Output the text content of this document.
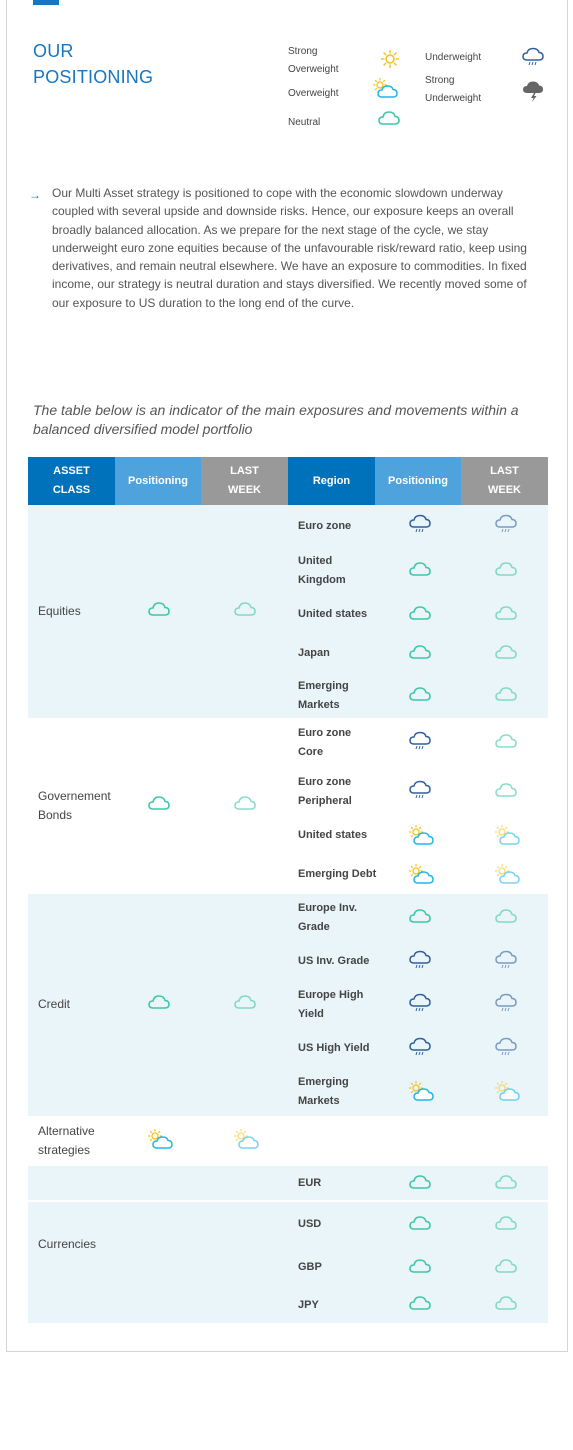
OUR
POSITIONING
Strong
Overweight
Overweight
Neutral
Underweight
Strong
Underweight
→ Our Multi Asset strategy is positioned to cope with the economic slowdown underway coupled with several upside and downside risks. Hence, our exposure keeps an overall broadly balanced allocation. As we prepare for the next stage of the cycle, we stay underweight euro zone equities because of the unfavourable risk/reward ratio, keep using derivatives, and remain neutral elsewhere. We have an exposure to commodities. In fixed income, our strategy is neutral duration and stays diversified. We recently moved some of our exposure to US duration to the long end of the curve.
The table below is an indicator of the main exposures and movements within a balanced diversified model portfolio
ASSET
CLASS
Positioning
LAST
WEEK
Region	Positioning
LAST
WEEK
Equities
Euro zone
United
Kingdom
United states
Japan
Emerging
Markets
Governement
Bonds
Euro zone
Core
Euro zone
Peripheral
United states
Emerging Debt
Credit
Europe Inv.
Grade
US Inv. Grade
Europe High
Yield
US High Yield
Emerging
Markets
Alternative
strategies
Currencies
EUR
USD
GBP
JPY
